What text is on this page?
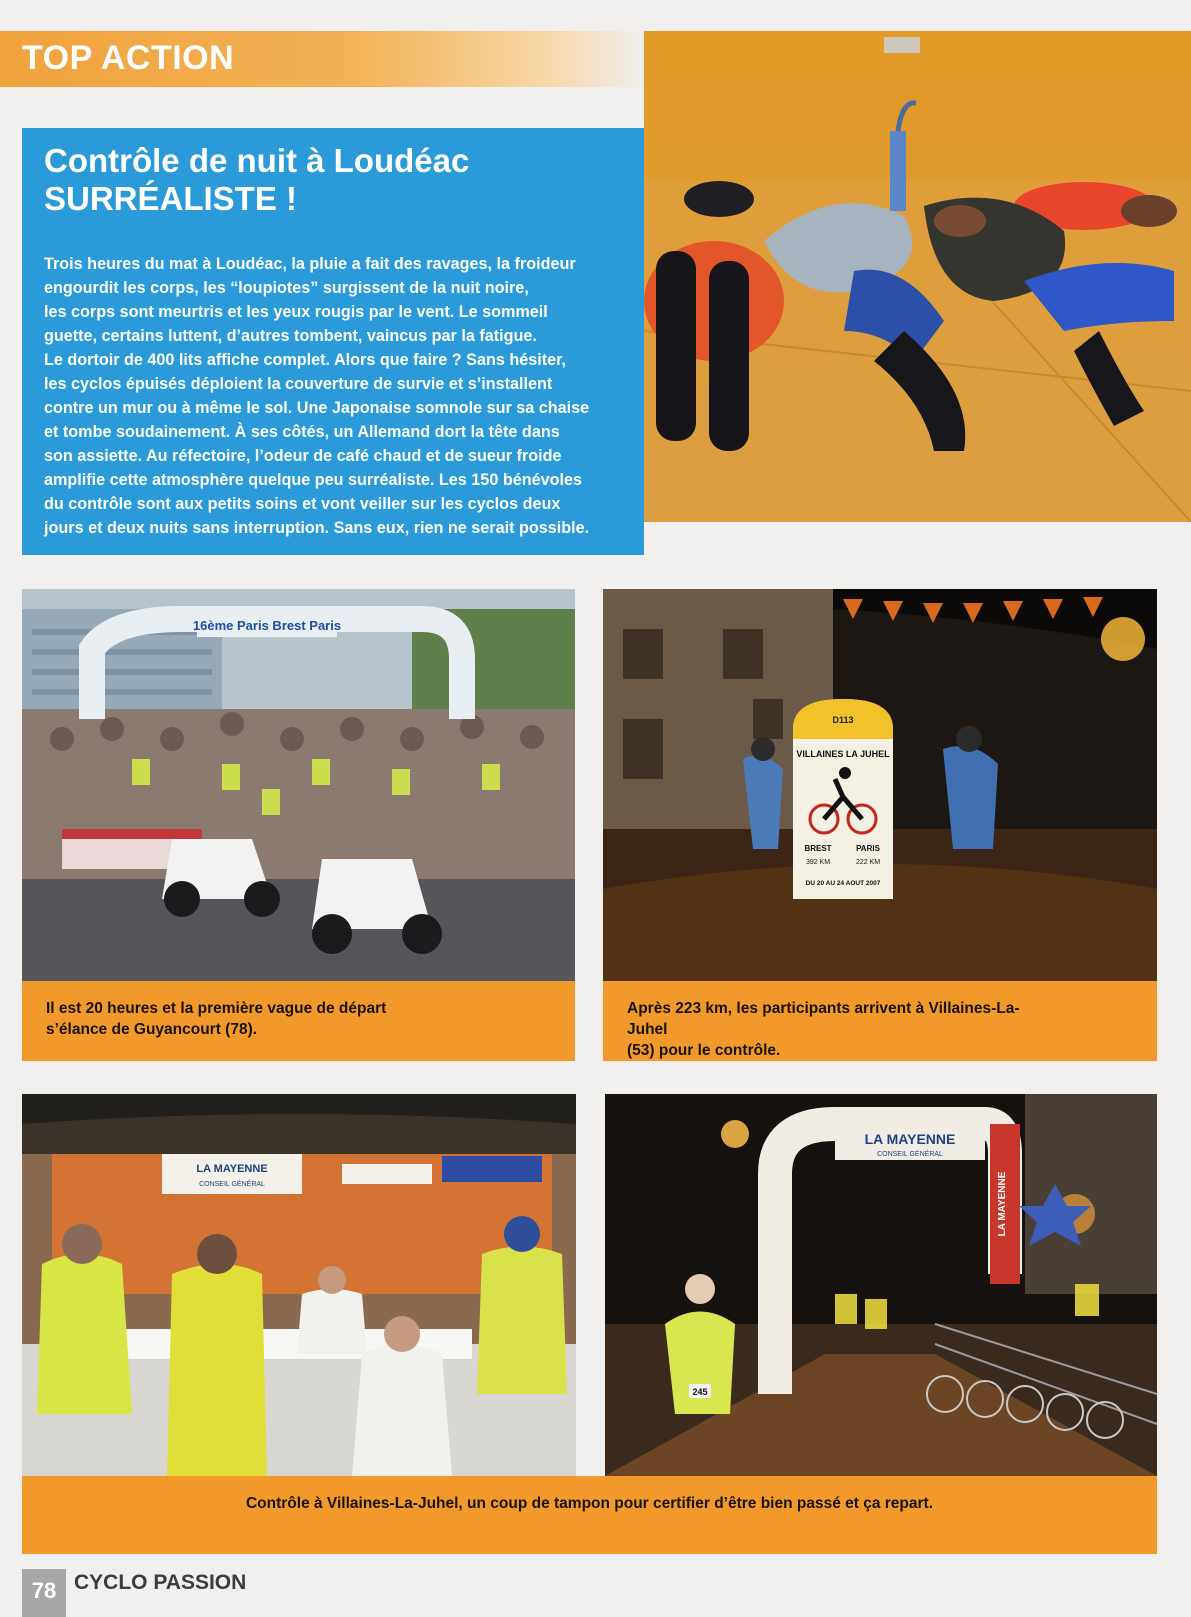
TOP ACTION
Contrôle de nuit à Loudéac
SURRÉALISTE !
Trois heures du mat à Loudéac, la pluie a fait des ravages, la froideur
engourdit les corps, les “loupiotes” surgissent de la nuit noire,
les corps sont meurtris et les yeux rougis par le vent. Le sommeil
guette, certains luttent, d’autres tombent, vaincus par la fatigue.
Le dortoir de 400 lits affiche complet. Alors que faire ? Sans hésiter,
les cyclos épuisés déploient la couverture de survie et s’installent
contre un mur ou à même le sol. Une Japonaise somnole sur sa chaise
et tombe soudainement. À ses côtés, un Allemand dort la tête dans
son assiette. Au réfectoire, l’odeur de café chaud et de sueur froide
amplifie cette atmosphère quelque peu surréaliste. Les 150 bénévoles
du contrôle sont aux petits soins et vont veiller sur les cyclos deux
jours et deux nuits sans interruption. Sans eux, rien ne serait possible.
16ème Paris Brest Paris
D113
VILLAINES LA JUHEL
BREST
392 KM
PARIS
222 KM
DU 20 AU 24 AOUT 2007
Il est 20 heures et la première vague de départ
s’élance de Guyancourt (78).
Après 223 km, les participants arrivent à Villaines-La-Juhel
(53) pour le contrôle.
LA MAYENNE
CONSEIL GÉNÉRAL
LA MAYENNE
CONSEIL GÉNÉRAL
LA MAYENNE
245
Contrôle à Villaines-La-Juhel, un coup de tampon pour certifier d’être bien passé et ça repart.
78 CYCLO PASSION
